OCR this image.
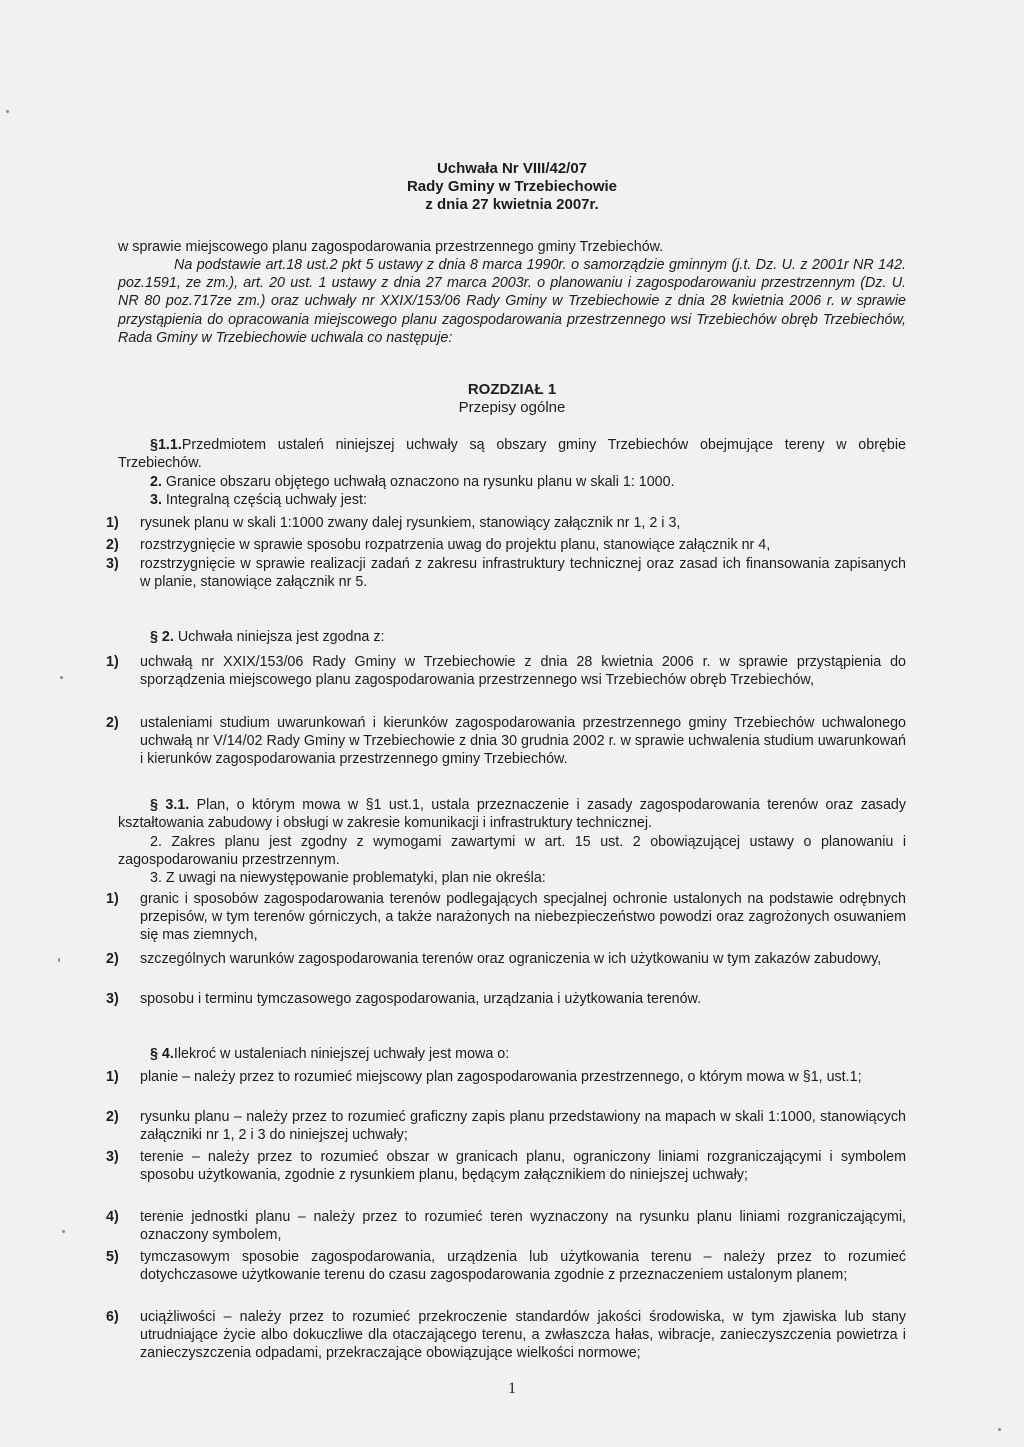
Uchwała Nr VIII/42/07
Rady Gminy w Trzebiechowie
z dnia 27 kwietnia 2007r.
w sprawie miejscowego planu zagospodarowania przestrzennego gminy Trzebiechów.
Na podstawie art.18 ust.2 pkt 5 ustawy z dnia 8 marca 1990r. o samorządzie gminnym (j.t. Dz. U. z 2001r NR 142. poz.1591, ze zm.), art. 20 ust. 1 ustawy z dnia 27 marca 2003r. o planowaniu i zagospodarowaniu przestrzennym (Dz. U. NR 80 poz.717ze zm.) oraz uchwały nr XXIX/153/06 Rady Gminy w Trzebiechowie z dnia 28 kwietnia 2006 r. w sprawie przystąpienia do opracowania miejscowego planu zagospodarowania przestrzennego wsi Trzebiechów obręb Trzebiechów, Rada Gminy w Trzebiechowie uchwala co następuje:
ROZDZIAŁ 1
Przepisy ogólne
§1.1.Przedmiotem ustaleń niniejszej uchwały są obszary gminy Trzebiechów obejmujące tereny w obrębie Trzebiechów.
2. Granice obszaru objętego uchwałą oznaczono na rysunku planu w skali 1: 1000.
3. Integralną częścią uchwały jest:
1)	rysunek planu w skali 1:1000 zwany dalej rysunkiem, stanowiący załącznik nr 1, 2 i 3,
2)	rozstrzygnięcie w sprawie sposobu rozpatrzenia uwag do projektu planu, stanowiące załącznik nr 4,
3)	rozstrzygnięcie w sprawie realizacji zadań z zakresu infrastruktury technicznej oraz zasad ich finansowania zapisanych w planie, stanowiące załącznik nr 5.
§ 2. Uchwała niniejsza jest zgodna z:
1)	uchwałą nr XXIX/153/06 Rady Gminy w Trzebiechowie z dnia 28 kwietnia 2006 r. w sprawie przystąpienia do sporządzenia miejscowego planu zagospodarowania przestrzennego wsi Trzebiechów obręb Trzebiechów,
2)	ustaleniami studium uwarunkowań i kierunków zagospodarowania przestrzennego gminy Trzebiechów uchwalonego uchwałą nr V/14/02 Rady Gminy w Trzebiechowie z dnia 30 grudnia 2002 r. w sprawie uchwalenia studium uwarunkowań i kierunków zagospodarowania przestrzennego gminy Trzebiechów.
§ 3.1. Plan, o którym mowa w §1 ust.1, ustala przeznaczenie i zasady zagospodarowania terenów oraz zasady kształtowania zabudowy i obsługi w zakresie komunikacji i infrastruktury technicznej.
2. Zakres planu jest zgodny z wymogami zawartymi w art. 15 ust. 2 obowiązującej ustawy o planowaniu i zagospodarowaniu przestrzennym.
3. Z uwagi na niewystępowanie problematyki, plan nie określa:
1)	granic i sposobów zagospodarowania terenów podlegających specjalnej ochronie ustalonych na podstawie odrębnych przepisów, w tym terenów górniczych, a także narażonych na niebezpieczeństwo powodzi oraz zagrożonych osuwaniem się mas ziemnych,
2)	szczególnych warunków zagospodarowania terenów oraz ograniczenia w ich użytkowaniu w tym zakazów zabudowy,
3)	sposobu i terminu tymczasowego zagospodarowania, urządzania i użytkowania terenów.
§ 4.Ilekroć w ustaleniach niniejszej uchwały jest mowa o:
1)	planie – należy przez to rozumieć miejscowy plan zagospodarowania przestrzennego, o którym mowa w §1, ust.1;
2)	rysunku planu – należy przez to rozumieć graficzny zapis planu przedstawiony na mapach w skali 1:1000, stanowiących załączniki nr 1, 2 i 3 do niniejszej uchwały;
3)	terenie – należy przez to rozumieć obszar w granicach planu, ograniczony liniami rozgraniczającymi i symbolem sposobu użytkowania, zgodnie z rysunkiem planu, będącym załącznikiem do niniejszej uchwały;
4)	terenie jednostki planu – należy przez to rozumieć teren wyznaczony na rysunku planu liniami rozgraniczającymi, oznaczony symbolem,
5)	tymczasowym sposobie zagospodarowania, urządzenia lub użytkowania terenu – należy przez to rozumieć dotychczasowe użytkowanie terenu do czasu zagospodarowania zgodnie z przeznaczeniem ustalonym planem;
6)	uciążliwości – należy przez to rozumieć przekroczenie standardów jakości środowiska, w tym zjawiska lub stany utrudniające życie albo dokuczliwe dla otaczającego terenu, a zwłaszcza hałas, wibracje, zanieczyszczenia powietrza i zanieczyszczenia odpadami, przekraczające obowiązujące wielkości normowe;
1
